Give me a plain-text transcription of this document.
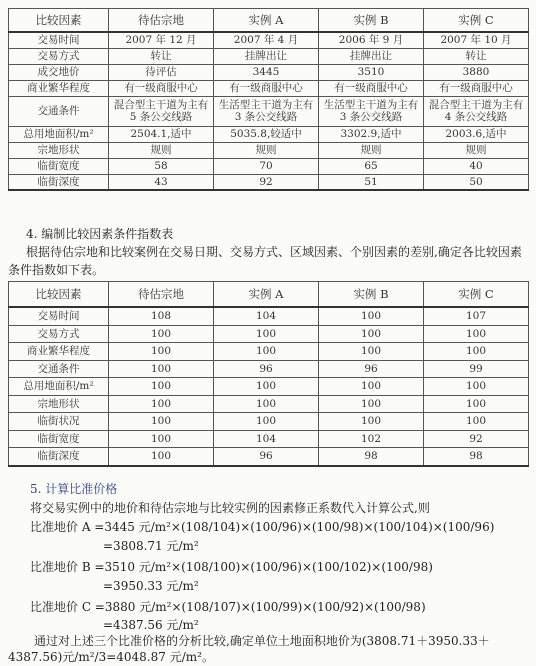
比较因素	待估宗地	实例 A	实例 B	实例 C
交易时间	2007 年 12 月	2007 年 4 月	2006 年 9 月	2007 年 10 月
交易方式	转让	挂牌出让	挂牌出让	转让
成交地价	待评估	3445	3510	3880
商业繁华程度	有一级商服中心	有一级商服中心	有一级商服中心	有一级商服中心
交通条件	混合型主干道为主有 5 条公交线路	生活型主干道为主有 3 条公交线路	生活型主干道为主有 3 条公交线路	混合型主干道为主有 4 条公交线路
总用地面积/m²	2504.1,适中	5035.8,较适中	3302.9,适中	2003.6,适中
宗地形状	规则	规则	规则	规则
临街宽度	58	70	65	40
临街深度	43	92	51	50
4. 编制比较因素条件指数表
根据待估宗地和比较案例在交易日期、交易方式、区域因素、个别因素的差别,确定各比较因素条件指数如下表。
比较因素	待估宗地	实例 A	实例 B	实例 C
交易时间	108	104	100	107
交易方式	100	100	100	100
商业繁华程度	100	100	100	100
交通条件	100	96	96	99
总用地面积/m²	100	100	100	100
宗地形状	100	100	100	100
临街状况	100	100	100	100
临街宽度	100	104	102	92
临街深度	100	96	98	98
5. 计算比准价格
将交易实例中的地价和待估宗地与比较实例的因素修正系数代入计算公式,则
比准地价 A =3445 元/m²×(108/104)×(100/96)×(100/98)×(100/104)×(100/96)
=3808.71 元/m²
比准地价 B =3510 元/m²×(108/100)×(100/96)×(100/102)×(100/98)
=3950.33 元/m²
比准地价 C =3880 元/m²×(108/107)×(100/99)×(100/92)×(100/98)
=4387.56 元/m²
通过对上述三个比准价格的分析比较,确定单位土地面积地价为(3808.71＋3950.33＋
4387.56)元/m²/3=4048.87 元/m²。
